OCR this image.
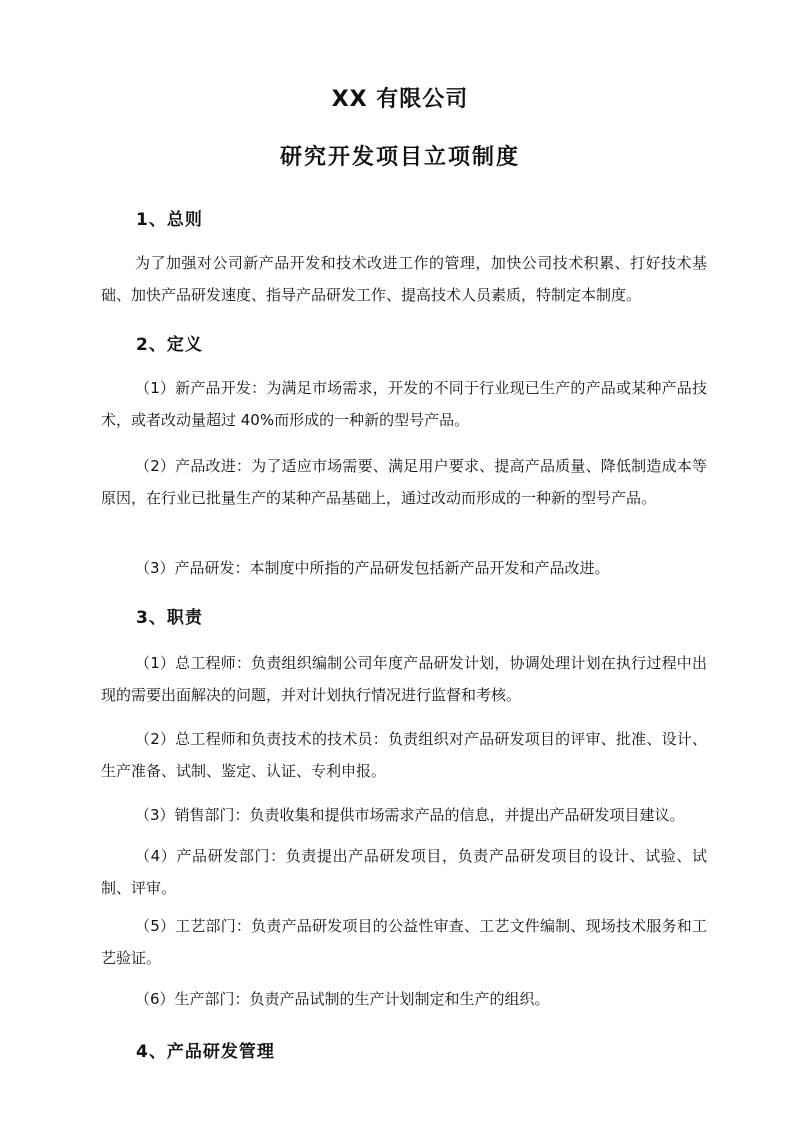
XX 有限公司
研究开发项目立项制度
1、总则

为了加强对公司新产品开发和技术改进工作的管理，加快公司技术积累、打好技术基础、加快产品研发速度、指导产品研发工作、提高技术人员素质，特制定本制度。

2、定义

（1）新产品开发：为满足市场需求，开发的不同于行业现已生产的产品或某种产品技术，或者改动量超过 40%而形成的一种新的型号产品。

（2）产品改进：为了适应市场需要、满足用户要求、提高产品质量、降低制造成本等原因，在行业已批量生产的某种产品基础上，通过改动而形成的一种新的型号产品。

（3）产品研发：本制度中所指的产品研发包括新产品开发和产品改进。

3、职责

（1）总工程师：负责组织编制公司年度产品研发计划，协调处理计划在执行过程中出现的需要出面解决的问题，并对计划执行情况进行监督和考核。

（2）总工程师和负责技术的技术员：负责组织对产品研发项目的评审、批准、设计、生产准备、试制、鉴定、认证、专利申报。

（3）销售部门：负责收集和提供市场需求产品的信息，并提出产品研发项目建议。

（4）产品研发部门：负责提出产品研发项目，负责产品研发项目的设计、试验、试制、评审。

（5）工艺部门：负责产品研发项目的公益性审查、工艺文件编制、现场技术服务和工艺验证。

（6）生产部门：负责产品试制的生产计划制定和生产的组织。

4、产品研发管理
